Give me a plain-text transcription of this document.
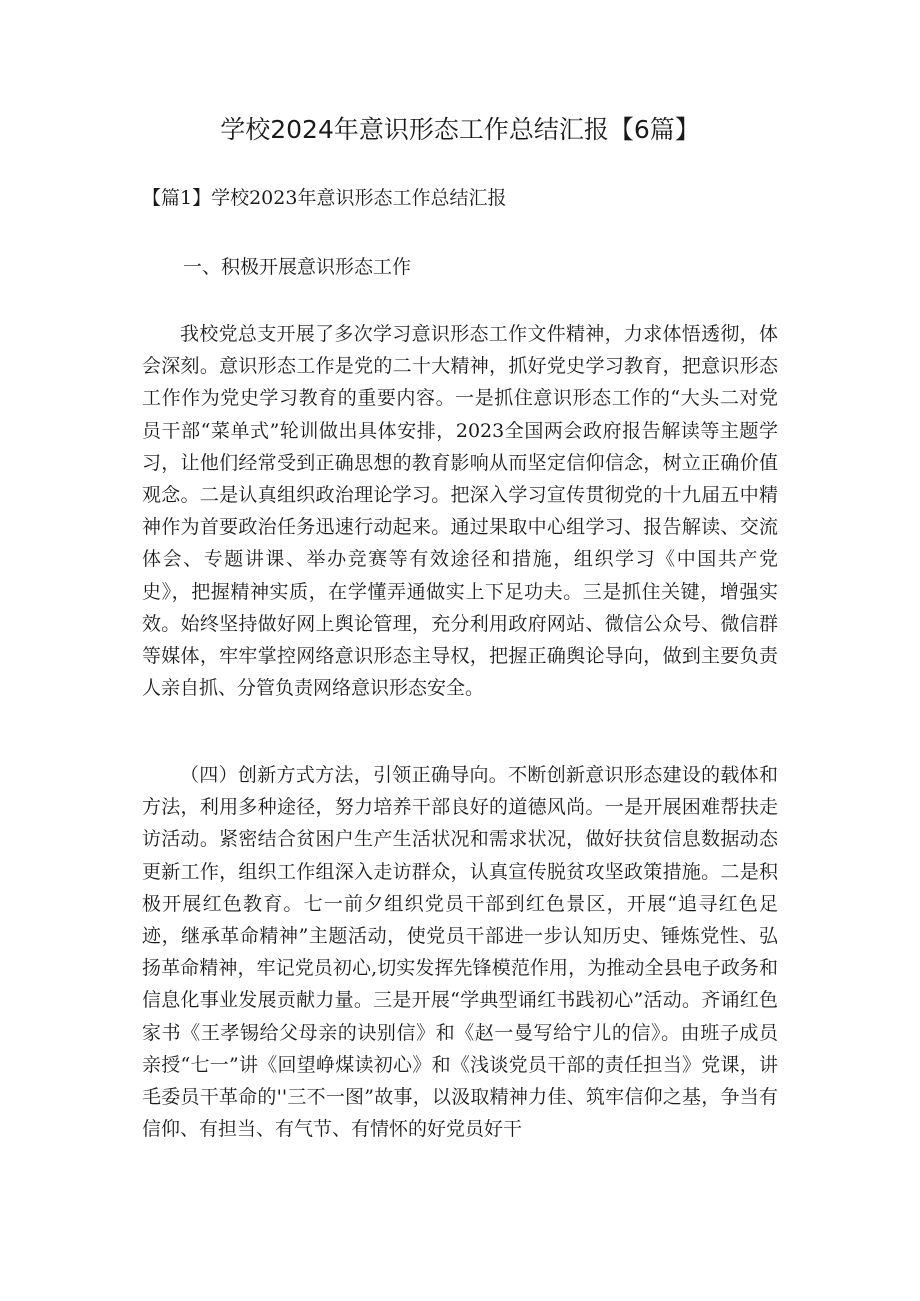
学校2024年意识形态工作总结汇报【6篇】

【篇1】学校2023年意识形态工作总结汇报

一、积极开展意识形态工作

我校党总支开展了多次学习意识形态工作文件精神，力求体悟透彻，体会深刻。意识形态工作是党的二十大精神，抓好党史学习教育，把意识形态工作作为党史学习教育的重要内容。一是抓住意识形态工作的“大头二对党员干部“菜单式”轮训做出具体安排，2023全国两会政府报告解读等主题学习，让他们经常受到正确思想的教育影响从而坚定信仰信念，树立正确价值观念。二是认真组织政治理论学习。把深入学习宣传贯彻党的十九届五中精神作为首要政治任务迅速行动起来。通过果取中心组学习、报告解读、交流体会、专题讲课、举办竞赛等有效途径和措施，组织学习《中国共产党史》，把握精神实质，在学懂弄通做实上下足功夫。三是抓住关键，增强实效。始终坚持做好网上舆论管理，充分利用政府网站、微信公众号、微信群等媒体，牢牢掌控网络意识形态主导权，把握正确舆论导向，做到主要负责人亲自抓、分管负责网络意识形态安全。

（四）创新方式方法，引领正确导向。不断创新意识形态建设的载体和方法，利用多种途径，努力培养干部良好的道德风尚。一是开展困难帮扶走访活动。紧密结合贫困户生产生活状况和需求状况，做好扶贫信息数据动态更新工作，组织工作组深入走访群众，认真宣传脱贫攻坚政策措施。二是积极开展红色教育。七一前夕组织党员干部到红色景区，开展“追寻红色足迹，继承革命精神”主题活动，使党员干部进一步认知历史、锤炼党性、弘扬革命精神，牢记党员初心,切实发挥先锋模范作用，为推动全县电子政务和信息化事业发展贡献力量。三是开展“学典型诵红书践初心”活动。齐诵红色家书《王孝锡给父母亲的诀别信》和《赵一曼写给宁儿的信》。由班子成员亲授“七一”讲《回望峥煤读初心》和《浅谈党员干部的责任担当》党课，讲毛委员干革命的''三不一图”故事，以汲取精神力佳、筑牢信仰之基，争当有信仰、有担当、有气节、有情怀的好党员好干
